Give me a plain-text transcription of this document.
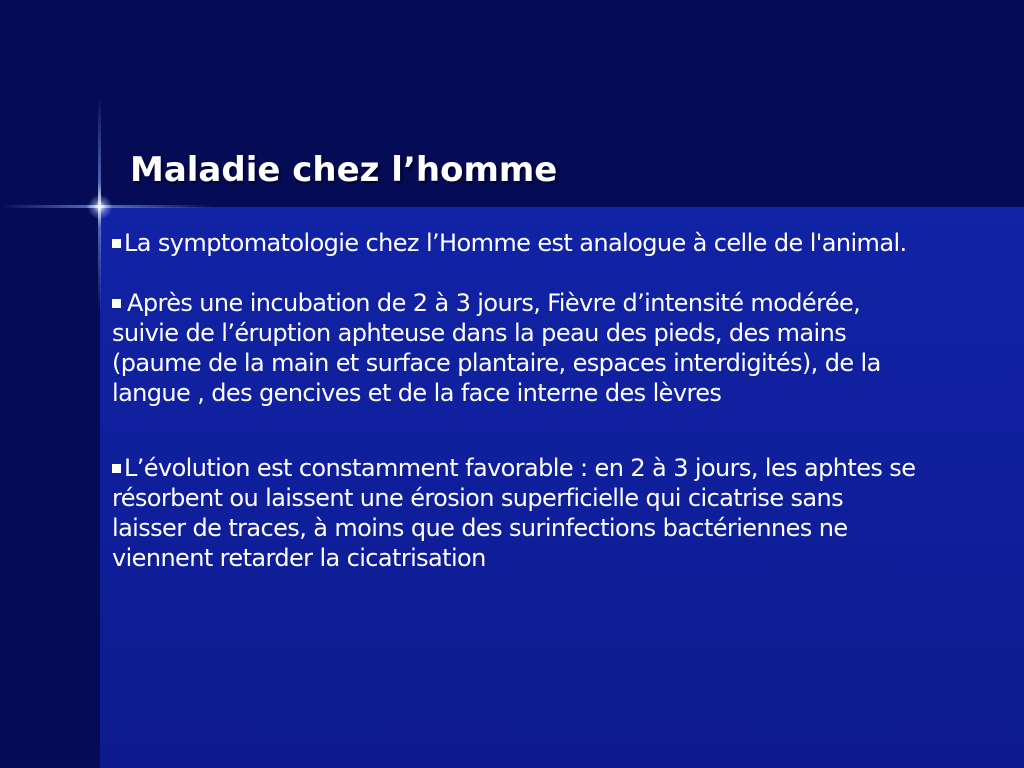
Maladie chez l’homme
La symptomatologie chez l’Homme est analogue à celle de l'animal.
Après une incubation de 2 à 3 jours, Fièvre d’intensité modérée, suivie de l’éruption aphteuse dans la peau des pieds, des mains (paume de la main et surface plantaire, espaces interdigités), de la langue , des gencives et de la face interne des lèvres
L’évolution est constamment favorable : en 2 à 3 jours, les aphtes se résorbent ou laissent une érosion superficielle qui cicatrise sans laisser de traces, à moins que des surinfections bactériennes ne viennent retarder la cicatrisation
